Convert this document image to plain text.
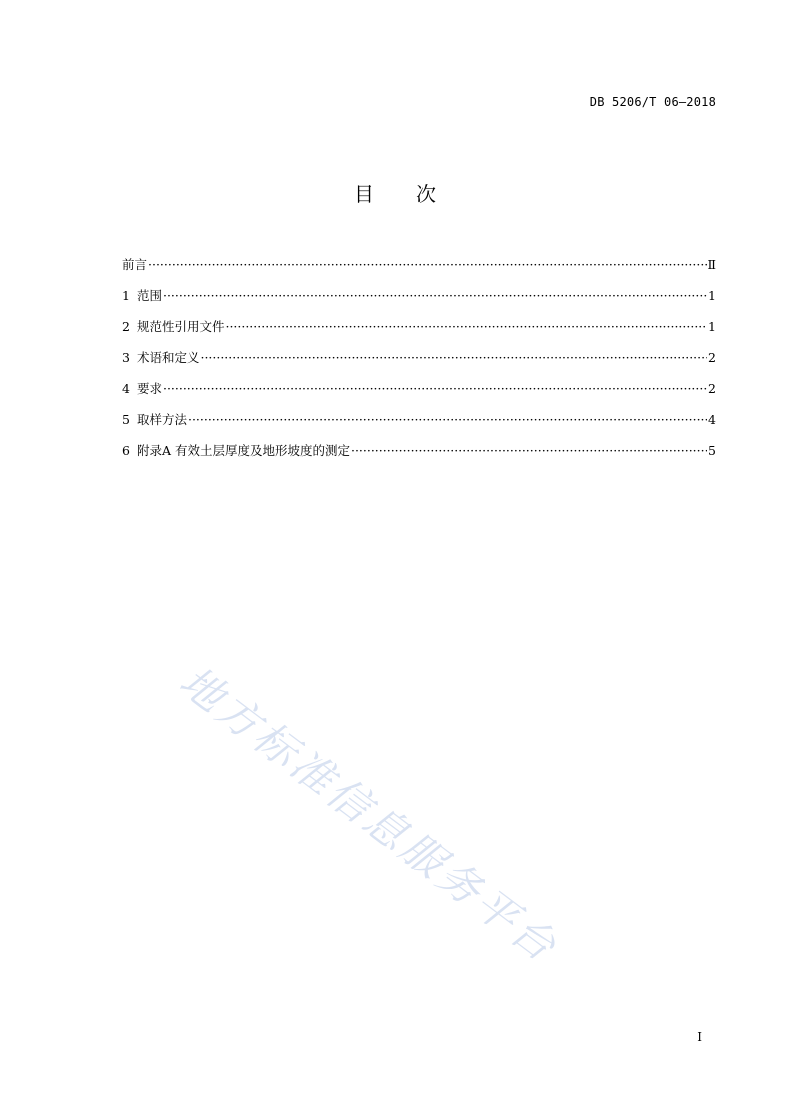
DB 5206/T 06—2018
目 次
前言 ·····	Ⅱ
1 范围 ·····	1
2 规范性引用文件 ·····	1
3 术语和定义 ·····	2
4 要求 ·····	2
5 取样方法 ·····	4
6 附录A 有效土层厚度及地形坡度的测定 ·····	5
地方标准信息服务平台
I
